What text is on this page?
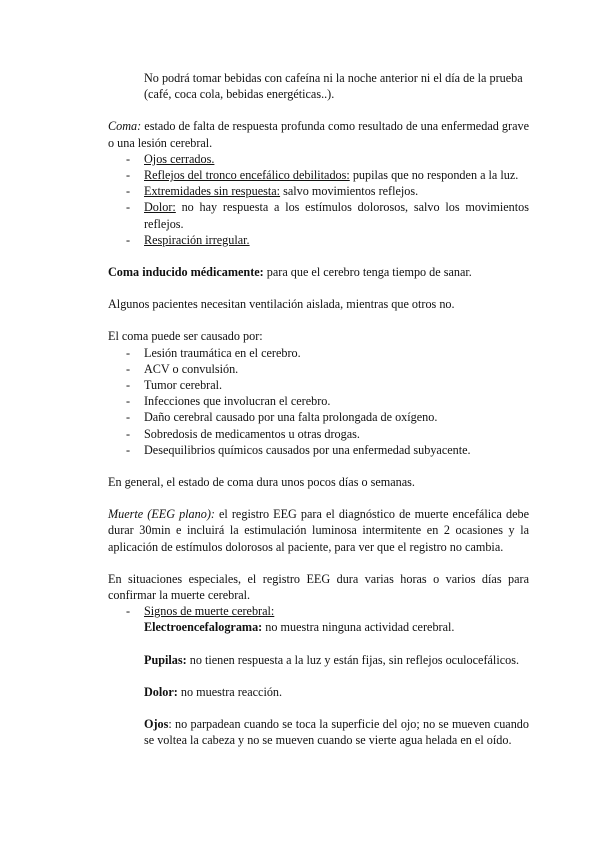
No podrá tomar bebidas con cafeína ni la noche anterior ni el día de la prueba (café, coca cola, bebidas energéticas..).

Coma: estado de falta de respuesta profunda como resultado de una enfermedad grave o una lesión cerebral.

- Ojos cerrados.
- Reflejos del tronco encefálico debilitados: pupilas que no responden a la luz.
- Extremidades sin respuesta: salvo movimientos reflejos.
- Dolor: no hay respuesta a los estímulos dolorosos, salvo los movimientos reflejos.
- Respiración irregular.

Coma inducido médicamente: para que el cerebro tenga tiempo de sanar.

Algunos pacientes necesitan ventilación aislada, mientras que otros no.

El coma puede ser causado por:

- Lesión traumática en el cerebro.
- ACV o convulsión.
- Tumor cerebral.
- Infecciones que involucran el cerebro.
- Daño cerebral causado por una falta prolongada de oxígeno.
- Sobredosis de medicamentos u otras drogas.
- Desequilibrios químicos causados por una enfermedad subyacente.

En general, el estado de coma dura unos pocos días o semanas.

Muerte (EEG plano): el registro EEG para el diagnóstico de muerte encefálica debe durar 30min e incluirá la estimulación luminosa intermitente en 2 ocasiones y la aplicación de estímulos dolorosos al paciente, para ver que el registro no cambia.

En situaciones especiales, el registro EEG dura varias horas o varios días para confirmar la muerte cerebral.

- Signos de muerte cerebral:

Electroencefalograma: no muestra ninguna actividad cerebral.

Pupilas: no tienen respuesta a la luz y están fijas, sin reflejos oculocefálicos.

Dolor: no muestra reacción.

Ojos: no parpadean cuando se toca la superficie del ojo; no se mueven cuando se voltea la cabeza y no se mueven cuando se vierte agua helada en el oído.
